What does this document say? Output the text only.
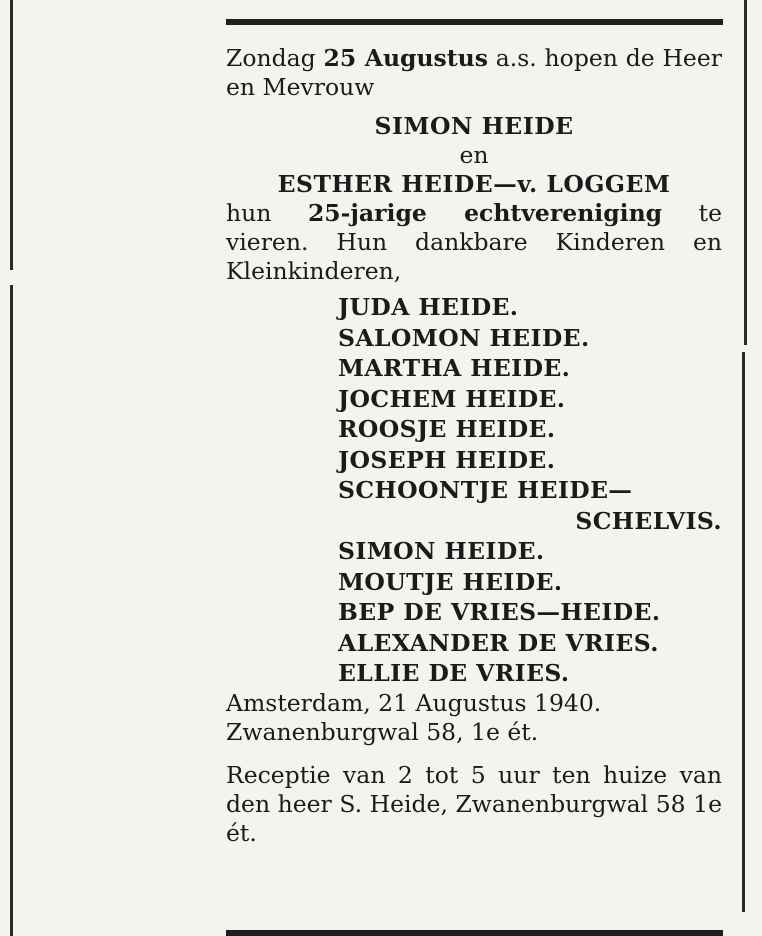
Zondag 25 Augustus a.s. hopen de Heer en Mevrouw

SIMON HEIDE

en

ESTHER HEIDE—v. LOGGEM

hun 25-jarige echtvereniging te vieren. Hun dankbare Kinderen en Kleinkinderen,

JUDA HEIDE.
SALOMON HEIDE.
MARTHA HEIDE.
JOCHEM HEIDE.
ROOSJE HEIDE.
JOSEPH HEIDE.
SCHOONTJE HEIDE—
SCHELVIS.
SIMON HEIDE.
MOUTJE HEIDE.
BEP DE VRIES—HEIDE.
ALEXANDER DE VRIES.
ELLIE DE VRIES.

Amsterdam, 21 Augustus 1940.

Zwanenburgwal 58, 1e ét.

Receptie van 2 tot 5 uur ten huize van den heer S. Heide, Zwanenburgwal 58 1e ét.
